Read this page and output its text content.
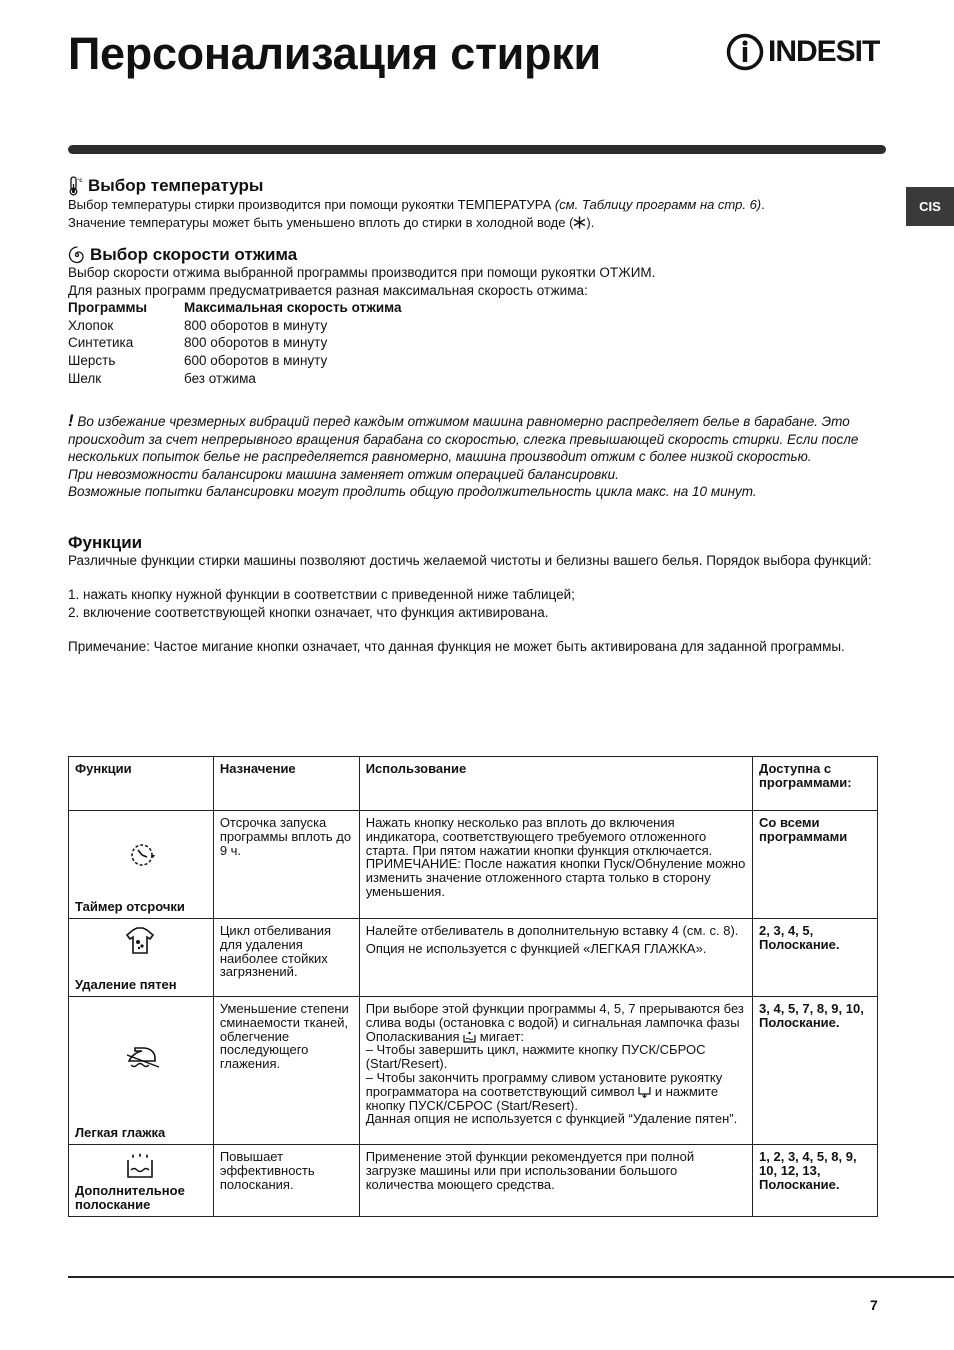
Персонализация стирки	INDESIT
CIS
°C Выбор температуры
Выбор температуры стирки производится при помощи рукоятки ТЕМПЕРАТУРА (см. Таблицу программ на стр. 6).
Значение температуры может быть уменьшено вплоть до стирки в холодной воде ( ).
Выбор скорости отжима
Выбор скорости отжима выбранной программы производится при помощи рукоятки ОТЖИМ.
Для разных программ предусматривается разная максимальная скорость отжима:
Программы	Максимальная скорость отжима
Хлопок	800 оборотов в минуту
Синтетика	800 оборотов в минуту
Шерсть	600 оборотов в минуту
Шелк	без отжима
! Во избежание чрезмерных вибраций перед каждым отжимом машина равномерно распределяет белье в барабане. Это происходит за счет непрерывного вращения барабана со скоростью, слегка превышающей скорость стирки. Если после нескольких попыток белье не распределяется равномерно, машина производит отжим с более низкой скоростью.
При невозможности балансироки машина заменяет отжим операцией балансировки.
Возможные попытки балансировки могут продлить общую продолжительность цикла макс. на 10 минут.
Функции
Различные функции стирки машины позволяют достичь желаемой чистоты и белизны вашего белья. Порядок выбора функций:
1. нажать кнопку нужной функции в соответствии с приведенной ниже таблицей;
2. включение соответствующей кнопки означает, что функция активирована.
Примечание: Частое мигание кнопки означает, что данная функция не может быть активирована для заданной программы.
Функции	Назначение	Использование	Доступна с программами:

Таймер отсрочки	Отсрочка запуска программы вплоть до 9 ч.	Нажать кнопку несколько раз вплоть до включения индикатора, соответствующего требуемого отложенного старта. При пятом нажатии кнопки функция отключается.
ПРИМЕЧАНИЕ: После нажатия кнопки Пуск/Обнуление можно изменить значение отложенного старта только в сторону уменьшения.	Со всеми программами

Удаление пятен	Цикл отбеливания для удаления наиболее стойких загрязнений.	Налейте отбеливатель в дополнительную вставку 4 (см. с. 8).
Опция не используется с функцией «ЛЕГКАЯ ГЛАЖКА».	2, 3, 4, 5, Полоскание.

Легкая глажка	Уменьшение степени сминаемости тканей, облегчение последующего глажения.	При выборе этой функции программы 4, 5, 7 прерываются без слива воды (остановка с водой) и сигнальная лампочка фазы Ополаскивания  мигает:
– Чтобы завершить цикл, нажмите кнопку ПУСК/СБРОС (Start/Resert).
– Чтобы закончить программу сливом установите рукоятку программатора на соответствующий символ  и нажмите кнопку ПУСК/СБРОС (Start/Resert).
Данная опция не используется с функцией “Удаление пятен”.	3, 4, 5, 7, 8, 9, 10, Полоскание.

Дополнительное полоскание	Повышает эффективность полоскания.	Применение этой функции рекомендуется при полной загрузке машины или при использовании большого количества моющего средства.	1, 2, 3, 4, 5, 8, 9, 10, 12, 13, Полоскание.
7
